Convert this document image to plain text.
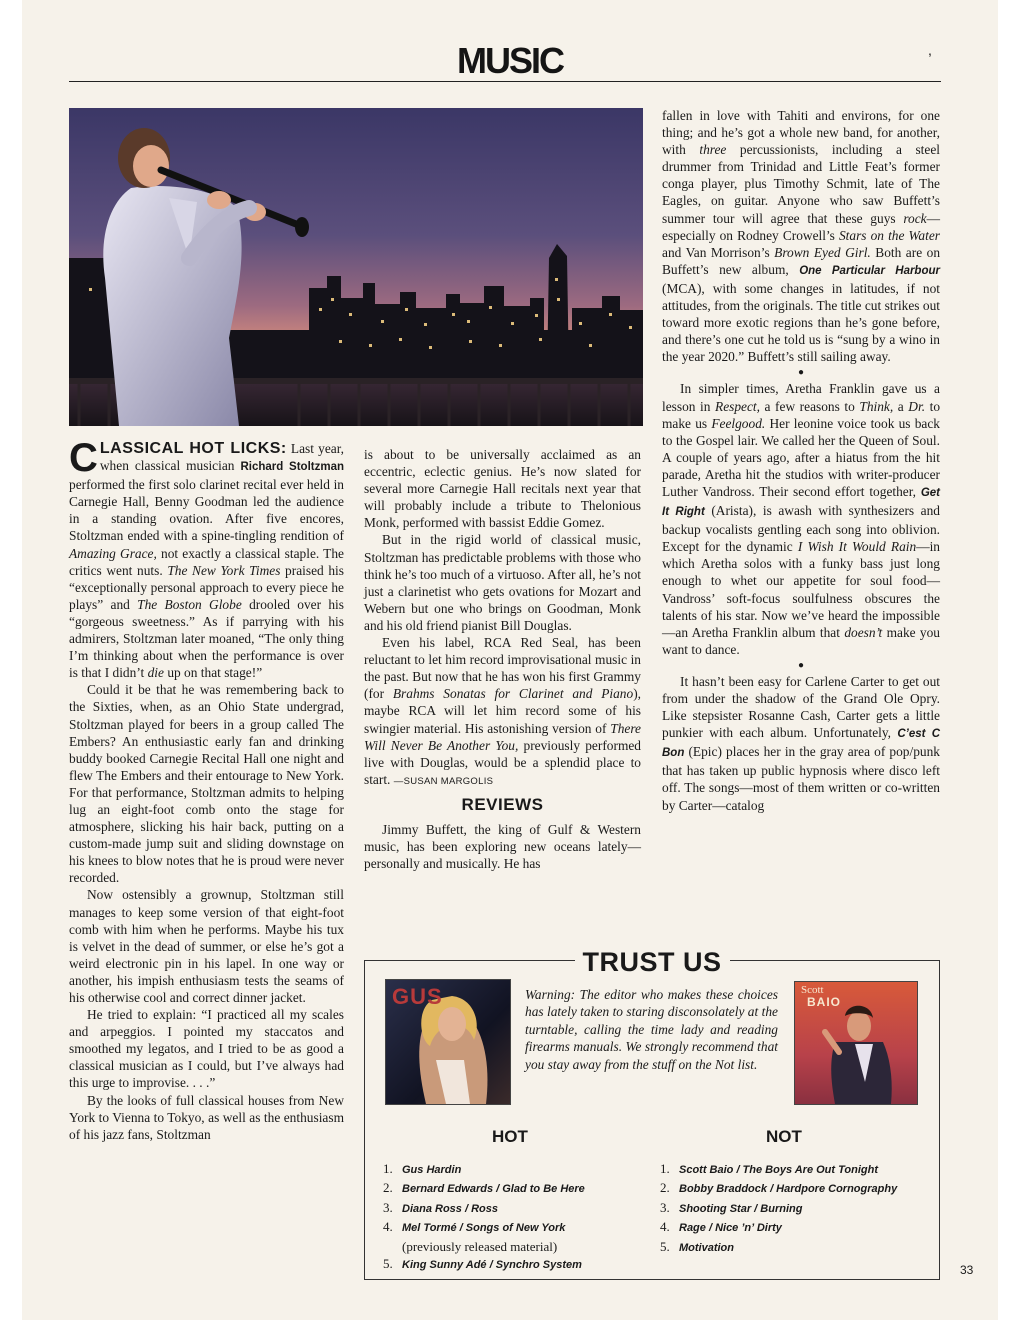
MUSIC	,

CLASSICAL HOT LICKS: Last year, when classical musician Richard Stoltzman performed the first solo clarinet recital ever held in Carnegie Hall, Benny Goodman led the audience in a standing ovation. After five encores, Stoltzman ended with a spine-tingling rendition of Amazing Grace, not exactly a classical staple. The critics went nuts. The New York Times praised his “exceptionally personal approach to every piece he plays” and The Boston Globe drooled over his “gorgeous sweetness.” As if parrying with his admirers, Stoltzman later moaned, “The only thing I’m thinking about when the performance is over is that I didn’t die up on that stage!”

Could it be that he was remembering back to the Sixties, when, as an Ohio State undergrad, Stoltzman played for beers in a group called The Embers? An enthusiastic early fan and drinking buddy booked Carnegie Recital Hall one night and flew The Embers and their entourage to New York. For that performance, Stoltzman admits to helping lug an eight-foot comb onto the stage for atmosphere, slicking his hair back, putting on a custom-made jump suit and sliding downstage on his knees to blow notes that he is proud were never recorded.

Now ostensibly a grownup, Stoltzman still manages to keep some version of that eight-foot comb with him when he performs. Maybe his tux is velvet in the dead of summer, or else he’s got a weird electronic pin in his lapel. In one way or another, his impish enthusiasm tests the seams of his otherwise cool and correct dinner jacket.

He tried to explain: “I practiced all my scales and arpeggios. I pointed my staccatos and smoothed my legatos, and I tried to be as good a classical musician as I could, but I’ve always had this urge to improvise. . . .”

By the looks of full classical houses from New York to Vienna to Tokyo, as well as the enthusiasm of his jazz fans, Stoltzman

is about to be universally acclaimed as an eccentric, eclectic genius. He’s now slated for several more Carnegie Hall recitals next year that will probably include a tribute to Thelonious Monk, performed with bassist Eddie Gomez.

But in the rigid world of classical music, Stoltzman has predictable problems with those who think he’s too much of a virtuoso. After all, he’s not just a clarinetist who gets ovations for Mozart and Webern but one who brings on Goodman, Monk and his old friend pianist Bill Douglas.

Even his label, RCA Red Seal, has been reluctant to let him record improvisational music in the past. But now that he has won his first Grammy (for Brahms Sonatas for Clarinet and Piano), maybe RCA will let him record some of his swingier material. His astonishing version of There Will Never Be Another You, previously performed live with Douglas, would be a splendid place to start. —SUSAN MARGOLIS

REVIEWS

Jimmy Buffett, the king of Gulf & Western music, has been exploring new oceans lately—personally and musically. He has

fallen in love with Tahiti and environs, for one thing; and he’s got a whole new band, for another, with three percussionists, including a steel drummer from Trinidad and Little Feat’s former conga player, plus Timothy Schmit, late of The Eagles, on guitar. Anyone who saw Buffett’s summer tour will agree that these guys rock—especially on Rodney Crowell’s Stars on the Water and Van Morrison’s Brown Eyed Girl. Both are on Buffett’s new album, One Particular Harbour (MCA), with some changes in latitudes, if not attitudes, from the originals. The title cut strikes out toward more exotic regions than he’s gone before, and there’s one cut he told us is “sung by a wino in the year 2020.” Buffett’s still sailing away.

●

In simpler times, Aretha Franklin gave us a lesson in Respect, a few reasons to Think, a Dr. to make us Feelgood. Her leonine voice took us back to the Gospel lair. We called her the Queen of Soul. A couple of years ago, after a hiatus from the hit parade, Aretha hit the studios with writer-producer Luther Vandross. Their second effort together, Get It Right (Arista), is awash with synthesizers and backup vocalists gentling each song into oblivion. Except for the dynamic I Wish It Would Rain—in which Aretha solos with a funky bass just long enough to whet our appetite for soul food—Vandross’ soft-focus soulfulness obscures the talents of his star. Now we’ve heard the impossible—an Aretha Franklin album that doesn’t make you want to dance.

●

It hasn’t been easy for Carlene Carter to get out from under the shadow of the Grand Ole Opry. Like stepsister Rosanne Cash, Carter gets a little punkier with each album. Unfortunately, C’est C Bon (Epic) places her in the gray area of pop/punk that has taken up public hypnosis where disco left off. The songs—most of them written or co-written by Carter—catalog

TRUST US
GUS	Warning: The editor who makes these choices has lately taken to staring disconsolately at the turntable, calling the time lady and reading firearms manuals. We strongly recommend that you stay away from the stuff on the Not list.
Scott
BAIO
HOT	NOT
1. Gus Hardin
2. Bernard Edwards / Glad to Be Here
3. Diana Ross / Ross
4. Mel Tormé / Songs of New York
(previously released material)
5. King Sunny Adé / Synchro System
1. Scott Baio / The Boys Are Out Tonight
2. Bobby Braddock / Hardpore Cornography
3. Shooting Star / Burning
4. Rage / Nice ’n’ Dirty
5. Motivation
33
